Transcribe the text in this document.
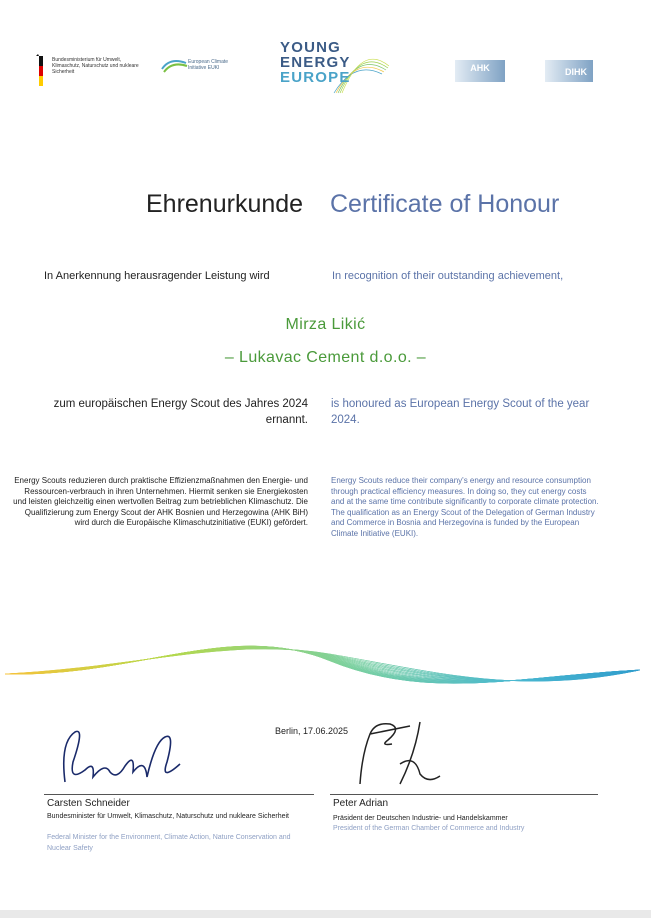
Bundesministerium für Umwelt, Klimaschutz, Naturschutz und nukleare Sicherheit
European Climate Initiative EUKI
YOUNG
ENERGY
EUROPE
AHK	DIHK
Ehrenurkunde Certificate of Honour
In Anerkennung herausragender Leistung wird	In recognition of their outstanding achievement,
Mirza Likić
– Lukavac Cement d.o.o. –
zum europäischen Energy Scout des Jahres 2024 ernannt.
is honoured as European Energy Scout of the year 2024.
Energy Scouts reduzieren durch praktische Effizienzmaßnahmen den Energie- und Ressourcen-verbrauch in ihren Unternehmen. Hiermit senken sie Energiekosten und leisten gleichzeitig einen wertvollen Beitrag zum betrieblichen Klimaschutz. Die Qualifizierung zum Energy Scout der AHK Bosnien und Herzegowina (AHK BiH) wird durch die Europäische Klimaschutzinitiative (EUKI) gefördert.
Energy Scouts reduce their company's energy and resource consumption through practical efficiency measures. In doing so, they cut energy costs and at the same time contribute significantly to corporate climate protection. The qualification as an Energy Scout of the Delegation of German Industry and Commerce in Bosnia and Herzegovina is funded by the European Climate Initiative (EUKI).
Berlin, 17.06.2025
Carsten Schneider
Bundesminister für Umwelt, Klimaschutz, Naturschutz und nukleare Sicherheit
Federal Minister for the Environment, Climate Action, Nature Conservation and Nuclear Safety
Peter Adrian
Präsident der Deutschen Industrie- und Handelskammer
President of the German Chamber of Commerce and Industry
